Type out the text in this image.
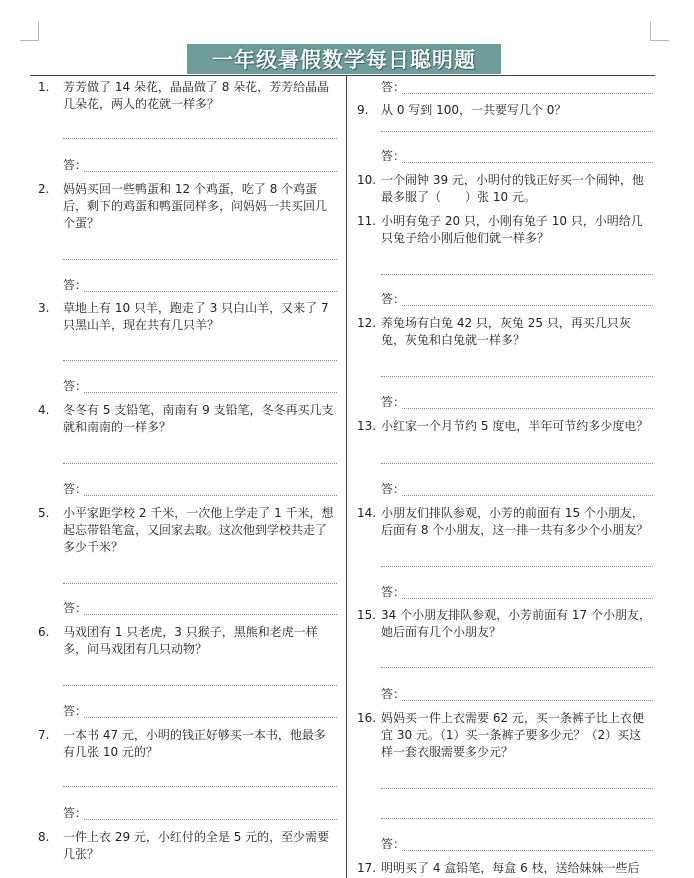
一年级暑假数学每日聪明题
1.	芳芳做了 14 朵花，晶晶做了 8 朵花，芳芳给晶晶几朵花，两人的花就一样多？
答：
2.	妈妈买回一些鸭蛋和 12 个鸡蛋，吃了 8 个鸡蛋后，剩下的鸡蛋和鸭蛋同样多，问妈妈一共买回几个蛋？
答：
3.	草地上有 10 只羊，跑走了 3 只白山羊，又来了 7 只黑山羊，现在共有几只羊？
答：
4.	冬冬有 5 支铅笔，南南有 9 支铅笔，冬冬再买几支就和南南的一样多？
答：
5.	小平家距学校 2 千米，一次他上学走了 1 千米，想起忘带铅笔盒，又回家去取。这次他到学校共走了多少千米？
答：
6.	马戏团有 1 只老虎，3 只猴子，黑熊和老虎一样多，问马戏团有几只动物？
答：
7.	一本书 47 元，小明的钱正好够买一本书，他最多有几张 10 元的？
答：
8.	一件上衣 29 元，小红付的全是 5 元的，至少需要几张？
答：
9.	从 0 写到 100，一共要写几个 0？
答：
10. 一个闹钟 39 元，小明付的钱正好买一个闹钟，他最多服了（　　）张 10 元。
11. 小明有兔子 20 只，小刚有兔子 10 只，小明给几只兔子给小刚后他们就一样多？
答：
12. 养兔场有白兔 42 只，灰兔 25 只，再买几只灰兔，灰兔和白兔就一样多？
答：
13. 小红家一个月节约 5 度电，半年可节约多少度电？
答：
14. 小朋友们排队参观，小芳的前面有 15 个小朋友，后面有 8 个小朋友，这一排一共有多少个小朋友？
答：
15. 34 个小朋友排队参观，小芳前面有 17 个小朋友，她后面有几个小朋友？
答：
16. 妈妈买一件上衣需要 62 元，买一条裤子比上衣便宜 30 元。（1）买一条裤子要多少元？（2）买这样一套衣服需要多少元？
答：
17. 明明买了 4 盒铅笔，每盒 6 枝，送给妹妹一些后
